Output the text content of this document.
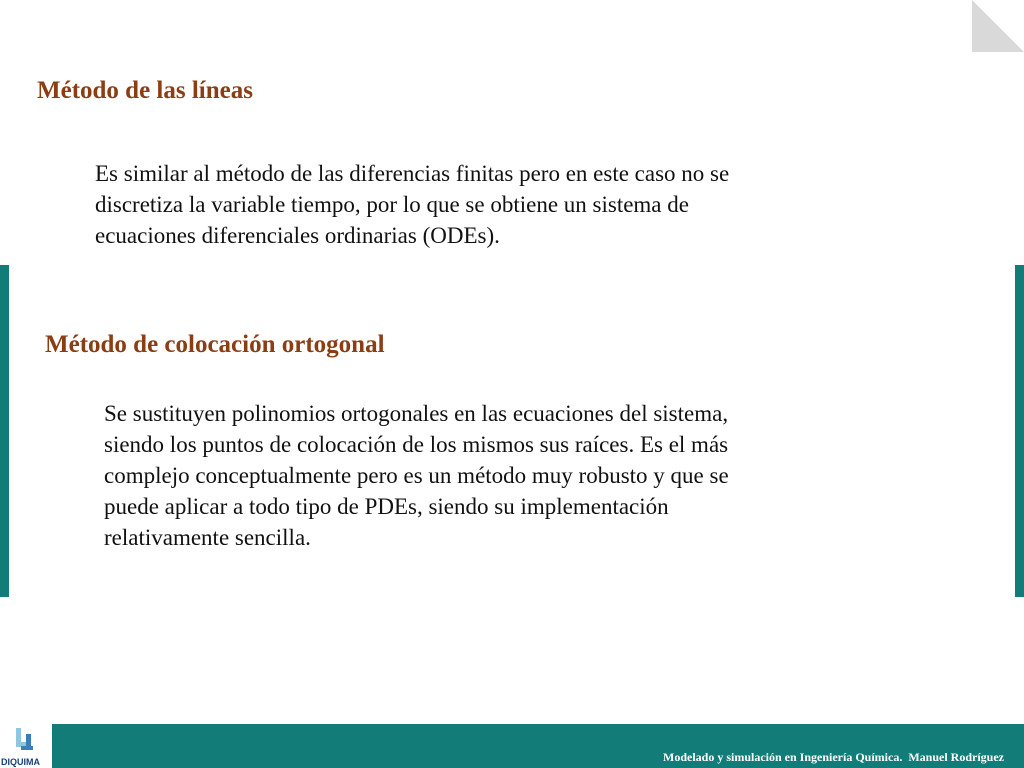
Método de las líneas

Es similar al método de las diferencias finitas pero en este caso no se discretiza la variable tiempo, por lo que se obtiene un sistema de ecuaciones diferenciales ordinarias (ODEs).

Método de colocación ortogonal

Se sustituyen polinomios ortogonales en las ecuaciones del sistema, siendo los puntos de colocación de los mismos sus raíces. Es el más complejo conceptualmente pero es un método muy robusto y que se puede aplicar a todo tipo de PDEs, siendo su implementación relativamente sencilla.

DIQUIMA	Modelado y simulación en Ingeniería Química.  Manuel Rodríguez
